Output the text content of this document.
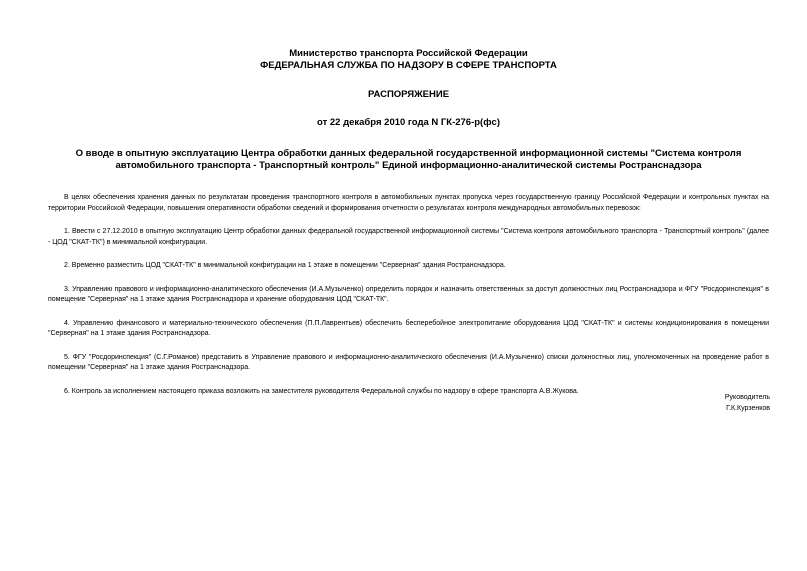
Министерство транспорта Российской Федерации

ФЕДЕРАЛЬНАЯ СЛУЖБА ПО НАДЗОРУ В СФЕРЕ ТРАНСПОРТА

РАСПОРЯЖЕНИЕ
от 22 декабря 2010 года N ГК-276-р(фс)
О вводе в опытную эксплуатацию Центра обработки данных федеральной государственной информационной системы "Система контроля автомобильного транспорта - Транспортный контроль" Единой информационно-аналитической системы Ространснадзора

В целях обеспечения хранения данных по результатам проведения транспортного контроля в автомобильных пунктах пропуска через государственную границу Российской Федерации и контрольных пунктах на территории Российской Федерации, повышения оперативности обработки сведений и формирования отчетности о результатах контроля международных автомобильных перевозок:

1. Ввести с 27.12.2010 в опытную эксплуатацию Центр обработки данных федеральной государственной информационной системы "Система контроля автомобильного транспорта - Транспортный контроль" (далее - ЦОД "СКАТ-ТК") в минимальной конфигурации.

2. Временно разместить ЦОД "СКАТ-ТК" в минимальной конфигурации на 1 этаже в помещении "Серверная" здания Ространснадзора.

3. Управлению правового и информационно-аналитического обеспечения (И.А.Музыченко) определить порядок и назначить ответственных за доступ должностных лиц Ространснадзора и ФГУ "Росдоринспекция" в помещение "Серверная" на 1 этаже здания Ространснадзора и хранение оборудования ЦОД "СКАТ-ТК".

4. Управлению финансового и материально-технического обеспечения (П.П.Лаврентьев) обеспечить бесперебойное электропитание оборудования ЦОД "СКАТ-ТК" и системы кондиционирования в помещении "Серверная" на 1 этаже здания Ространснадзора.

5. ФГУ "Росдоринспекция" (С.Г.Романов) представить в Управление правового и информационно-аналитического обеспечения (И.А.Музыченко) списки должностных лиц, уполномоченных на проведение работ в помещении "Серверная" на 1 этаже здания Ространснадзора.

6. Контроль за исполнением настоящего приказа возложить на заместителя руководителя Федеральной службы по надзору в сфере транспорта А.В.Жукова.

Руководитель
Г.К.Курзенков
